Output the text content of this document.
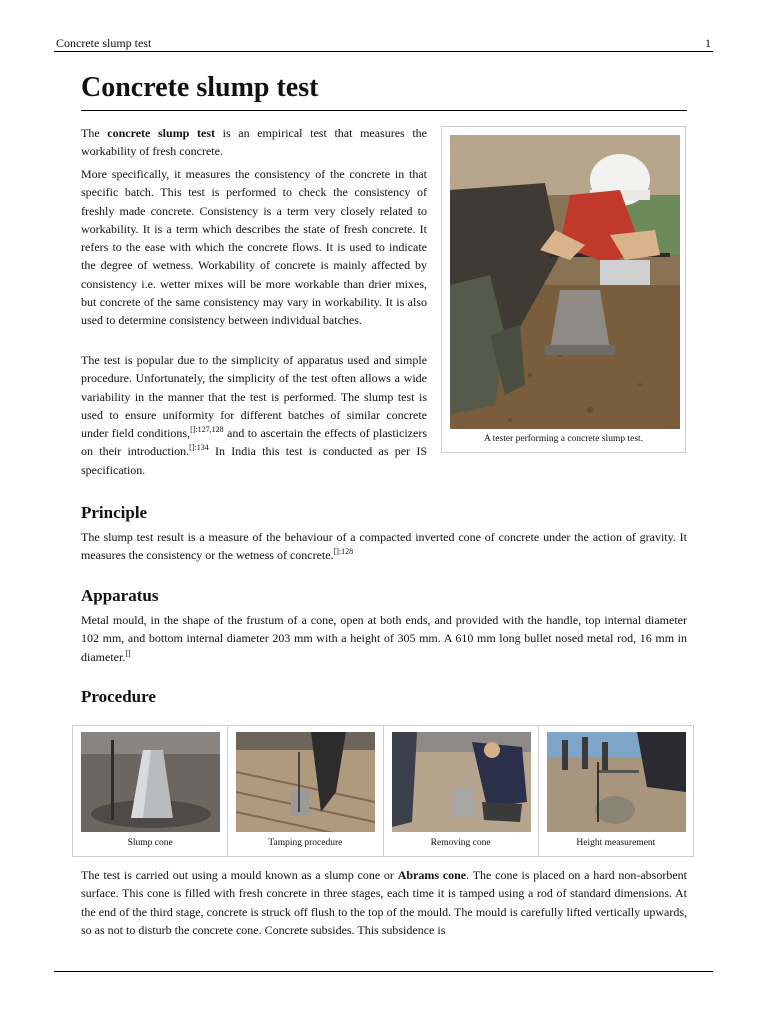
Concrete slump test	1
Concrete slump test

The concrete slump test is an empirical test that measures the workability of fresh concrete.

More specifically, it measures the consistency of the concrete in that specific batch. This test is performed to check the consistency of freshly made concrete. Consistency is a term very closely related to workability. It is a term which describes the state of fresh concrete. It refers to the ease with which the concrete flows. It is used to indicate the degree of wetness. Workability of concrete is mainly affected by consistency i.e. wetter mixes will be more workable than drier mixes, but concrete of the same consistency may vary in workability. It is also used to determine consistency between individual batches.

The test is popular due to the simplicity of apparatus used and simple procedure. Unfortunately, the simplicity of the test often allows a wide variability in the manner that the test is performed. The slump test is used to ensure uniformity for different batches of similar concrete under field conditions,$^{[]:127,128}$ and to ascertain the effects of plasticizers on their introduction.$^{[]:134}$ In India this test is conducted as per IS specification.

A tester performing a concrete slump test.
Principle

The slump test result is a measure of the behaviour of a compacted inverted cone of concrete under the action of gravity. It measures the consistency or the wetness of concrete.$^{[]:128}$

Apparatus

Metal mould, in the shape of the frustum of a cone, open at both ends, and provided with the handle, top internal diameter 102 mm, and bottom internal diameter 203 mm with a height of 305 mm. A 610 mm long bullet nosed metal rod, 16 mm in diameter.[]

Procedure
Slump cone	Tamping procedure	Removing cone	Height measurement

The test is carried out using a mould known as a slump cone or Abrams cone. The cone is placed on a hard non-absorbent surface. This cone is filled with fresh concrete in three stages, each time it is tamped using a rod of standard dimensions. At the end of the third stage, concrete is struck off flush to the top of the mould. The mould is carefully lifted vertically upwards, so as not to disturb the concrete cone. Concrete subsides. This subsidence is
